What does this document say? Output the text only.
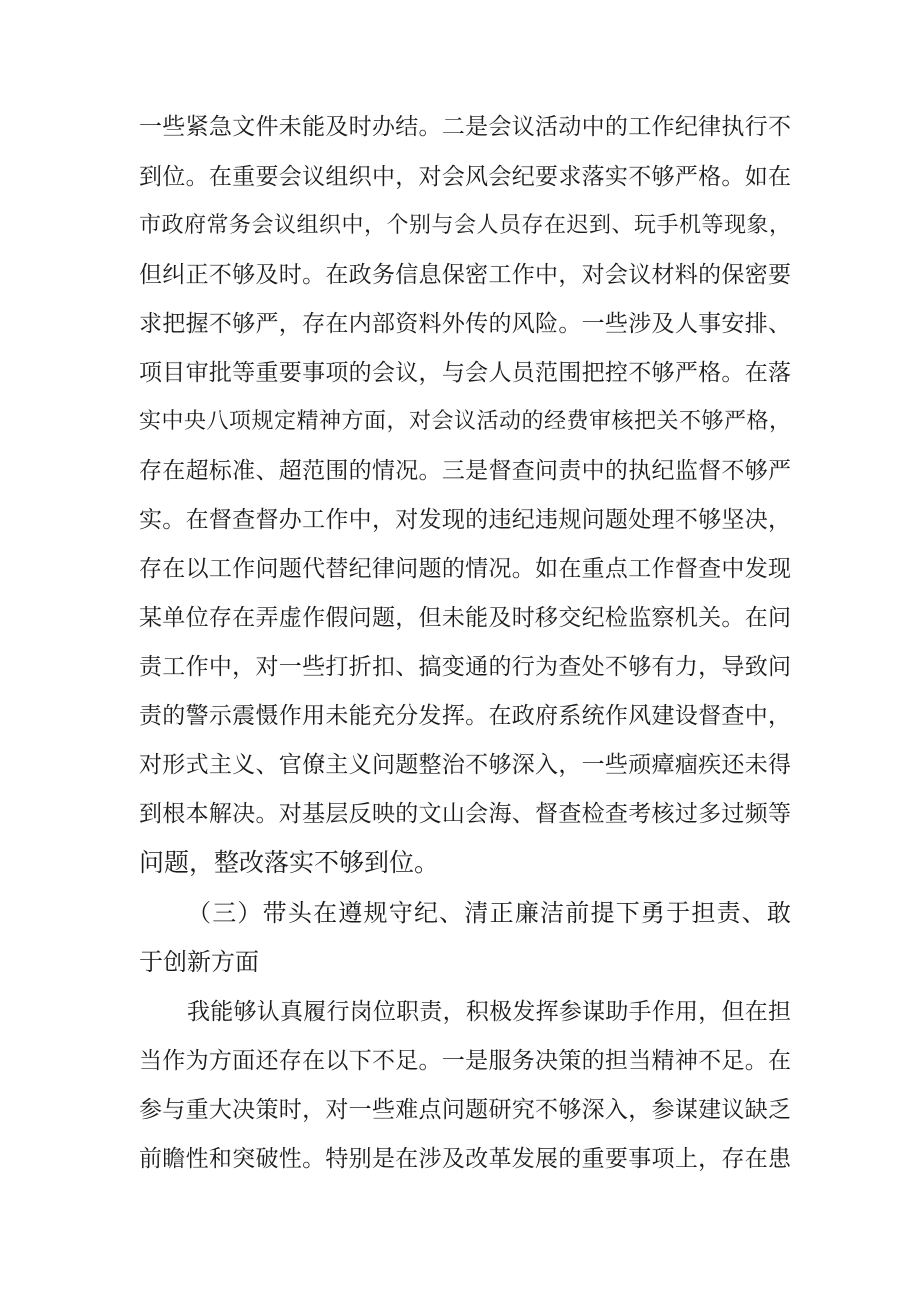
一些紧急文件未能及时办结。二是会议活动中的工作纪律执行不
到位。在重要会议组织中，对会风会纪要求落实不够严格。如在
市政府常务会议组织中，个别与会人员存在迟到、玩手机等现象，
但纠正不够及时。在政务信息保密工作中，对会议材料的保密要
求把握不够严，存在内部资料外传的风险。一些涉及人事安排、
项目审批等重要事项的会议，与会人员范围把控不够严格。在落
实中央八项规定精神方面，对会议活动的经费审核把关不够严格，
存在超标准、超范围的情况。三是督查问责中的执纪监督不够严
实。在督查督办工作中，对发现的违纪违规问题处理不够坚决，
存在以工作问题代替纪律问题的情况。如在重点工作督查中发现
某单位存在弄虚作假问题，但未能及时移交纪检监察机关。在问
责工作中，对一些打折扣、搞变通的行为查处不够有力，导致问
责的警示震慑作用未能充分发挥。在政府系统作风建设督查中，
对形式主义、官僚主义问题整治不够深入，一些顽瘴痼疾还未得
到根本解决。对基层反映的文山会海、督查检查考核过多过频等
问题，整改落实不够到位。
（三）带头在遵规守纪、清正廉洁前提下勇于担责、敢
于创新方面
我能够认真履行岗位职责，积极发挥参谋助手作用，但在担
当作为方面还存在以下不足。一是服务决策的担当精神不足。在
参与重大决策时，对一些难点问题研究不够深入，参谋建议缺乏
前瞻性和突破性。特别是在涉及改革发展的重要事项上，存在患
